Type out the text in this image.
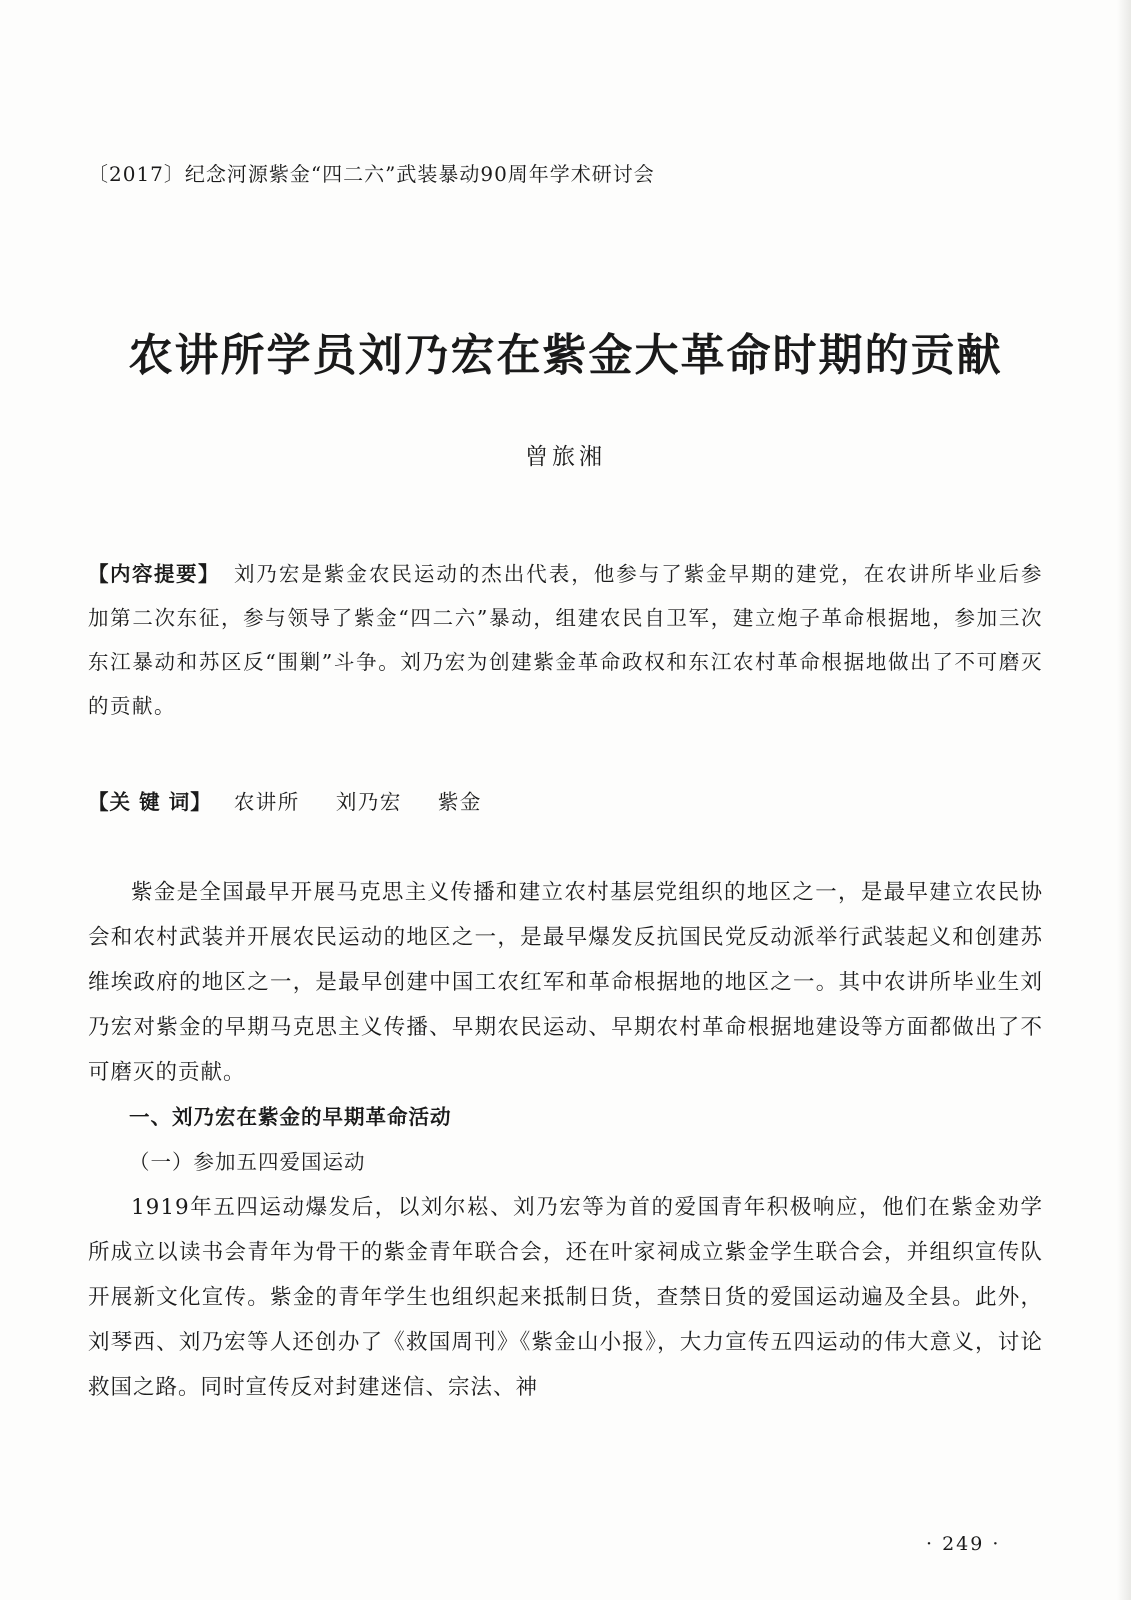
〔2017〕纪念河源紫金“四二六”武装暴动90周年学术研讨会
农讲所学员刘乃宏在紫金大革命时期的贡献
曾旅湘
【内容提要】 刘乃宏是紫金农民运动的杰出代表，他参与了紫金早期的建党，在农讲所毕业后参加第二次东征，参与领导了紫金“四二六”暴动，组建农民自卫军，建立炮子革命根据地，参加三次东江暴动和苏区反“围剿”斗争。刘乃宏为创建紫金革命政权和东江农村革命根据地做出了不可磨灭的贡献。
【关 键 词】 农讲所 刘乃宏 紫金

紫金是全国最早开展马克思主义传播和建立农村基层党组织的地区之一，是最早建立农民协会和农村武装并开展农民运动的地区之一，是最早爆发反抗国民党反动派举行武装起义和创建苏维埃政府的地区之一，是最早创建中国工农红军和革命根据地的地区之一。其中农讲所毕业生刘乃宏对紫金的早期马克思主义传播、早期农民运动、早期农村革命根据地建设等方面都做出了不可磨灭的贡献。

一、刘乃宏在紫金的早期革命活动
（一）参加五四爱国运动

1919年五四运动爆发后，以刘尔崧、刘乃宏等为首的爱国青年积极响应，他们在紫金劝学所成立以读书会青年为骨干的紫金青年联合会，还在叶家祠成立紫金学生联合会，并组织宣传队开展新文化宣传。紫金的青年学生也组织起来抵制日货，查禁日货的爱国运动遍及全县。此外，刘琴西、刘乃宏等人还创办了《救国周刊》《紫金山小报》，大力宣传五四运动的伟大意义，讨论救国之路。同时宣传反对封建迷信、宗法、神

· 249 ·
